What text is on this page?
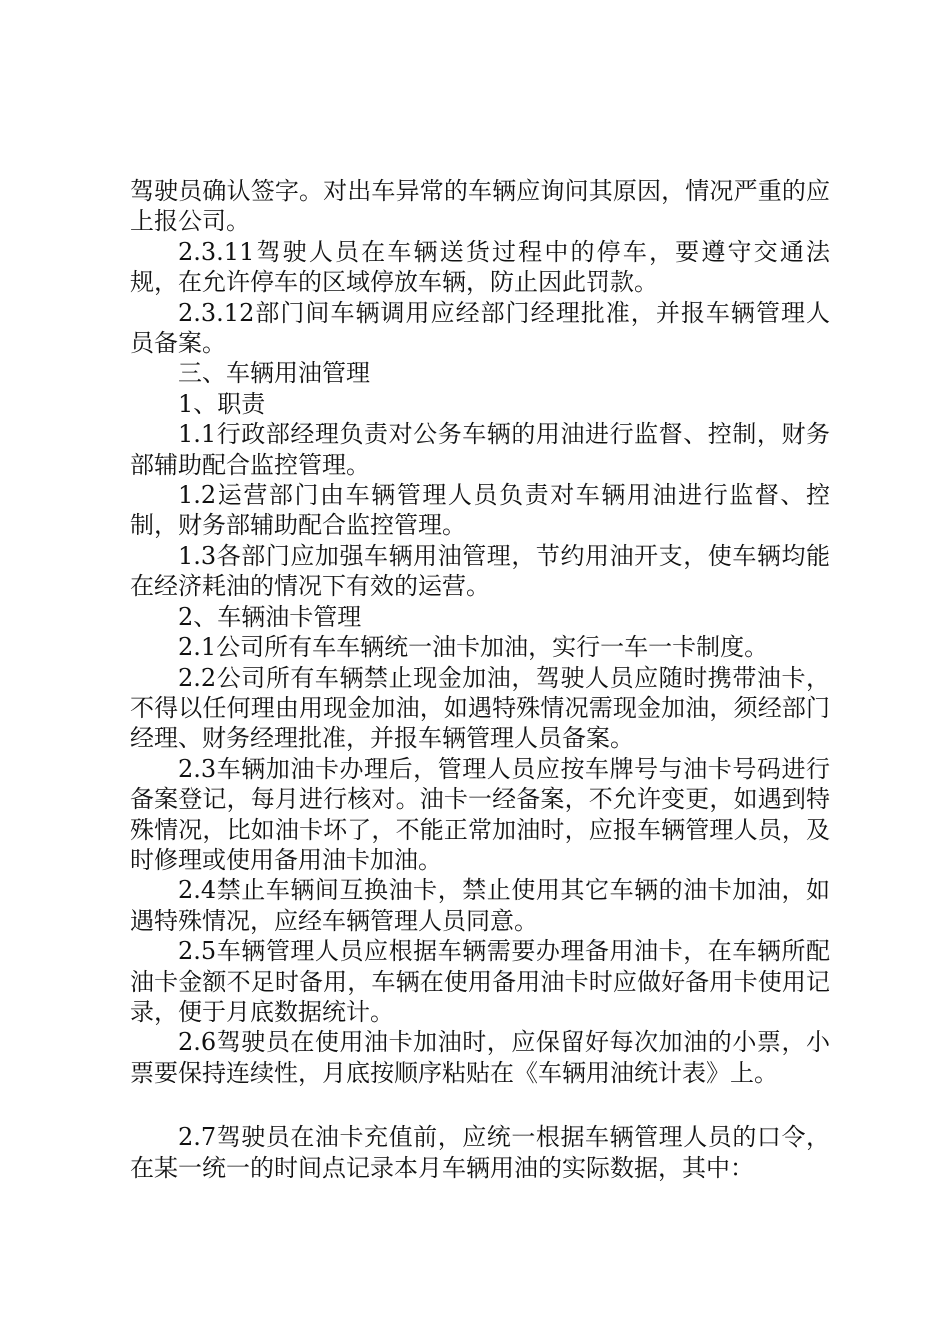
驾驶员确认签字。对出车异常的车辆应询问其原因，情况严重的应上报公司。

2.3.11驾驶人员在车辆送货过程中的停车，要遵守交通法规，在允许停车的区域停放车辆，防止因此罚款。

2.3.12部门间车辆调用应经部门经理批准，并报车辆管理人员备案。

三、车辆用油管理

1、职责

1.1行政部经理负责对公务车辆的用油进行监督、控制，财务部辅助配合监控管理。

1.2运营部门由车辆管理人员负责对车辆用油进行监督、控制，财务部辅助配合监控管理。

1.3各部门应加强车辆用油管理，节约用油开支，使车辆均能在经济耗油的情况下有效的运营。

2、车辆油卡管理

2.1公司所有车车辆统一油卡加油，实行一车一卡制度。

2.2公司所有车辆禁止现金加油，驾驶人员应随时携带油卡，不得以任何理由用现金加油，如遇特殊情况需现金加油，须经部门经理、财务经理批准，并报车辆管理人员备案。

2.3车辆加油卡办理后，管理人员应按车牌号与油卡号码进行备案登记，每月进行核对。油卡一经备案，不允许变更，如遇到特殊情况，比如油卡坏了，不能正常加油时，应报车辆管理人员，及时修理或使用备用油卡加油。

2.4禁止车辆间互换油卡，禁止使用其它车辆的油卡加油，如遇特殊情况，应经车辆管理人员同意。

2.5车辆管理人员应根据车辆需要办理备用油卡，在车辆所配油卡金额不足时备用，车辆在使用备用油卡时应做好备用卡使用记录，便于月底数据统计。

2.6驾驶员在使用油卡加油时，应保留好每次加油的小票，小票要保持连续性，月底按顺序粘贴在《车辆用油统计表》上。

2.7驾驶员在油卡充值前，应统一根据车辆管理人员的口令，在某一统一的时间点记录本月车辆用油的实际数据，其中：
